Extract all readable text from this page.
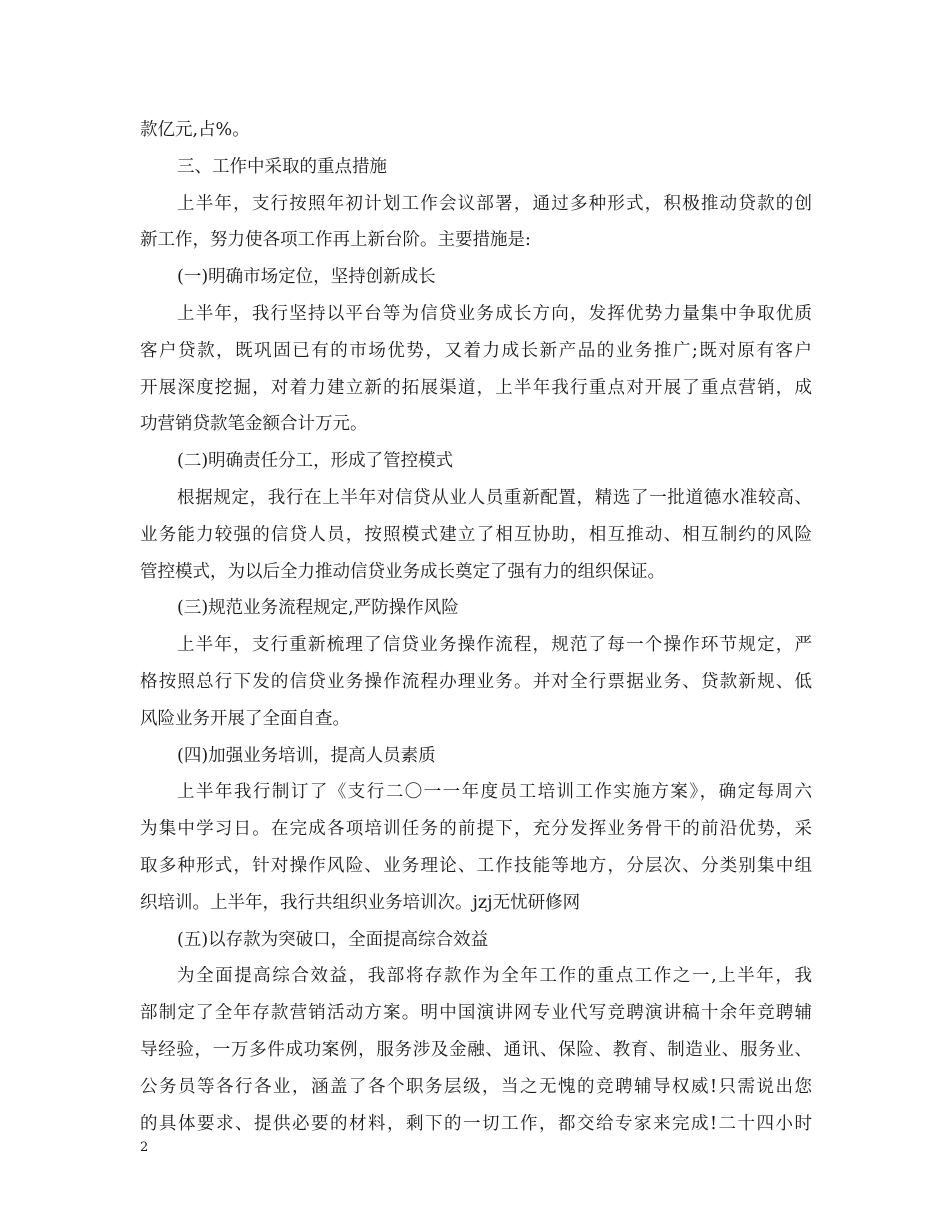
款亿元,占%。
三、工作中采取的重点措施
上半年，支行按照年初计划工作会议部署，通过多种形式，积极推动贷款的创
新工作，努力使各项工作再上新台阶。主要措施是:
(一)明确市场定位，坚持创新成长
上半年，我行坚持以平台等为信贷业务成长方向，发挥优势力量集中争取优质
客户贷款，既巩固已有的市场优势，又着力成长新产品的业务推广;既对原有客户
开展深度挖掘，对着力建立新的拓展渠道，上半年我行重点对开展了重点营销，成
功营销贷款笔金额合计万元。
(二)明确责任分工，形成了管控模式
根据规定，我行在上半年对信贷从业人员重新配置，精选了一批道德水准较高、
业务能力较强的信贷人员，按照模式建立了相互协助，相互推动、相互制约的风险
管控模式，为以后全力推动信贷业务成长奠定了强有力的组织保证。
(三)规范业务流程规定,严防操作风险
上半年，支行重新梳理了信贷业务操作流程，规范了每一个操作环节规定，严
格按照总行下发的信贷业务操作流程办理业务。并对全行票据业务、贷款新规、低
风险业务开展了全面自查。
(四)加强业务培训，提高人员素质
上半年我行制订了《支行二〇一一年度员工培训工作实施方案》，确定每周六
为集中学习日。在完成各项培训任务的前提下，充分发挥业务骨干的前沿优势，采
取多种形式，针对操作风险、业务理论、工作技能等地方，分层次、分类别集中组
织培训。上半年，我行共组织业务培训次。jzj无忧研修网
(五)以存款为突破口，全面提高综合效益
为全面提高综合效益，我部将存款作为全年工作的重点工作之一,上半年，我
部制定了全年存款营销活动方案。明中国演讲网专业代写竞聘演讲稿十余年竞聘辅
导经验，一万多件成功案例，服务涉及金融、通讯、保险、教育、制造业、服务业、
公务员等各行各业，涵盖了各个职务层级，当之无愧的竞聘辅导权威!只需说出您
的具体要求、提供必要的材料，剩下的一切工作，都交给专家来完成!二十四小时
2
